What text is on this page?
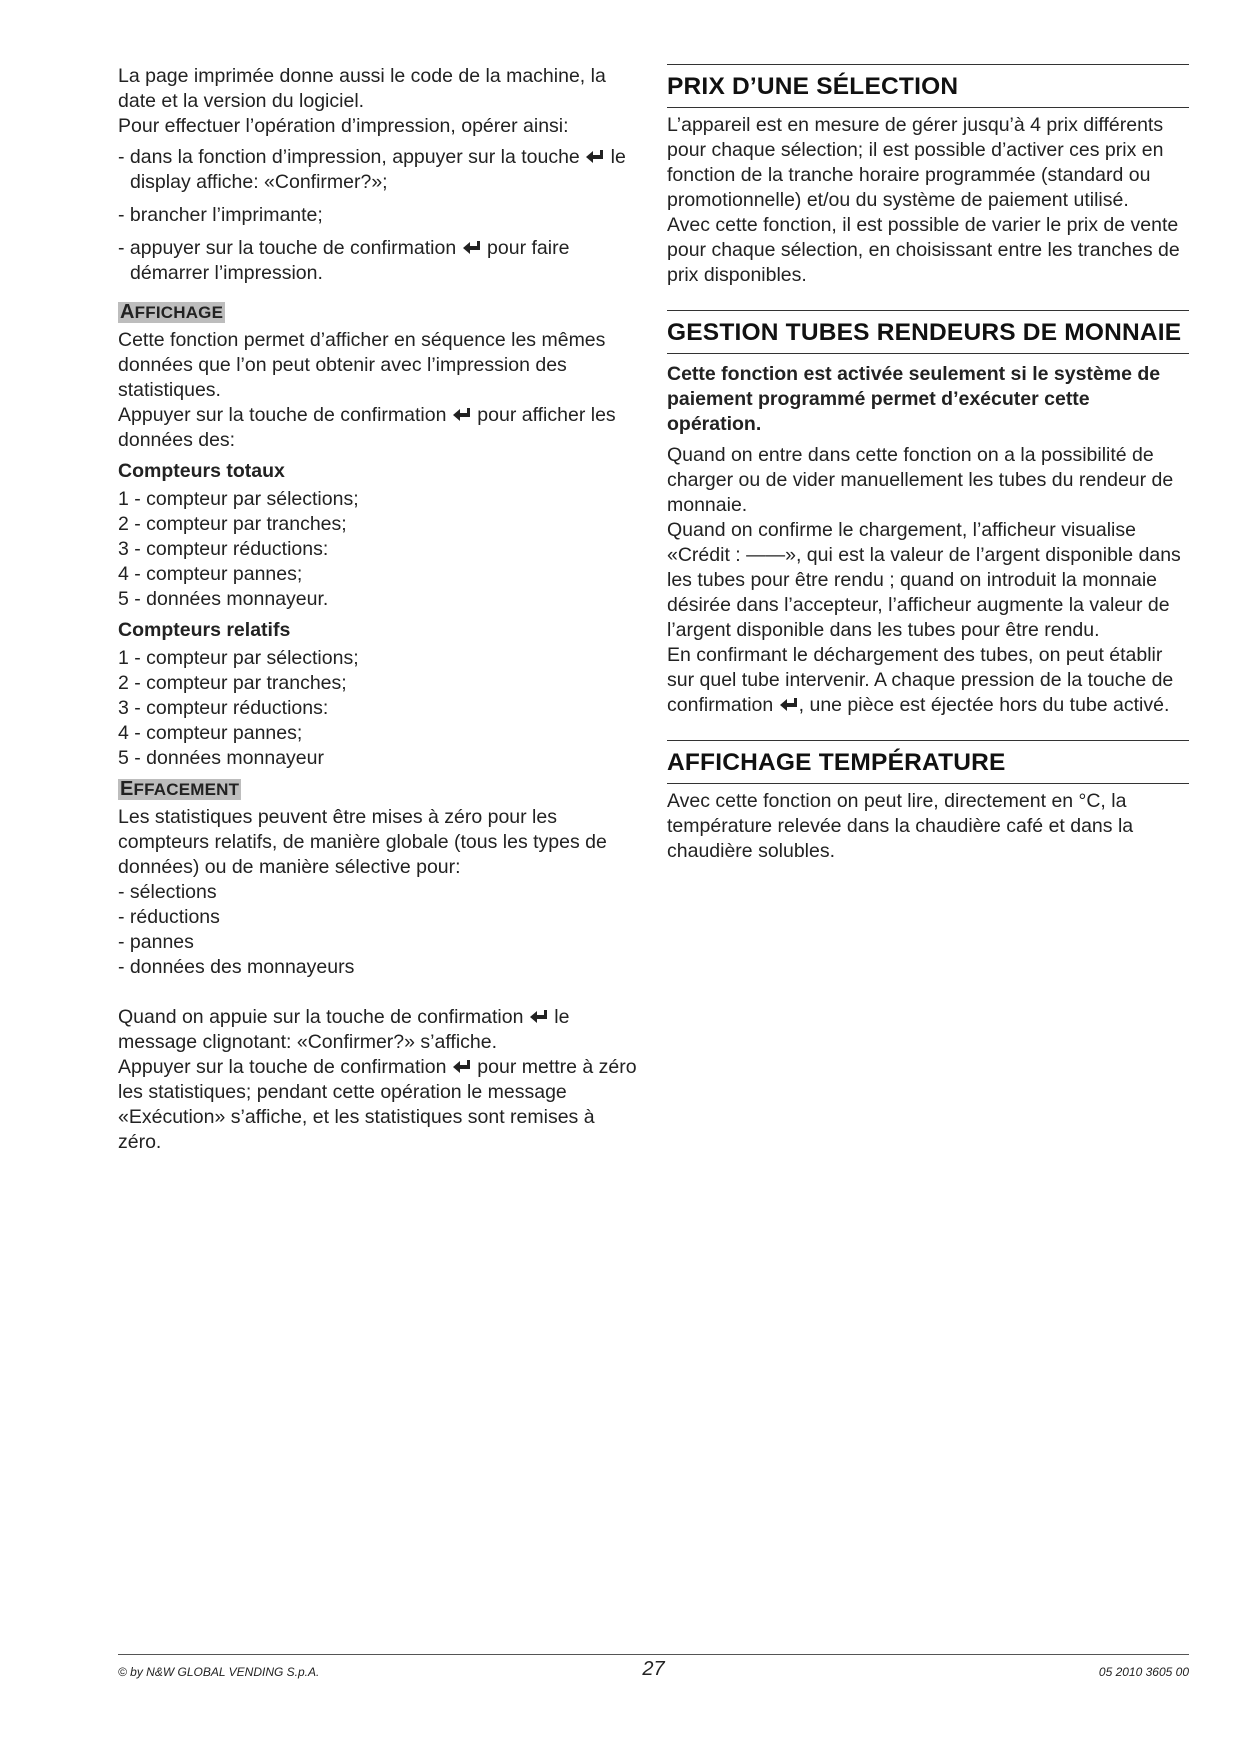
La page imprimée donne aussi le code de la machine, la date et la version du logiciel.

Pour effectuer l’opération d’impression, opérer ainsi:

- dans la fonction d’impression, appuyer sur la touche le display affiche: «Confirmer?»;

- brancher l’imprimante;

- appuyer sur la touche de confirmation pour faire démarrer l’impression.

AFFICHAGE

Cette fonction permet d’afficher en séquence les mêmes données que l’on peut obtenir avec l’impression des statistiques.

Appuyer sur la touche de confirmation pour afficher les données des:

Compteurs totaux

1 - compteur par sélections;

2 - compteur par tranches;

3 - compteur réductions:

4 - compteur pannes;

5 - données monnayeur.

Compteurs relatifs

1 - compteur par sélections;

2 - compteur par tranches;

3 - compteur réductions:

4 - compteur pannes;

5 - données monnayeur

EFFACEMENT

Les statistiques peuvent être mises à zéro pour les compteurs relatifs, de manière globale (tous les types de données) ou de manière sélective pour:

- sélections

- réductions

- pannes

- données des monnayeurs

Quand on appuie sur la touche de confirmation le message clignotant: «Confirmer?» s’affiche.

Appuyer sur la touche de confirmation pour mettre à zéro les statistiques; pendant cette opération le message «Exécution» s’affiche, et les statistiques sont remises à zéro.

PRIX D’UNE SÉLECTION

L’appareil est en mesure de gérer jusqu’à 4 prix différents pour chaque sélection; il est possible d’activer ces prix en fonction de la tranche horaire programmée (standard ou promotionnelle) et/ou du système de paiement utilisé.

Avec cette fonction, il est possible de varier le prix de vente pour chaque sélection, en choisissant entre les tranches de prix disponibles.

GESTION TUBES RENDEURS DE MONNAIE

Cette fonction est activée seulement si le système de paiement programmé permet d’exécuter cette opération.

Quand on entre dans cette fonction on a la possibilité de charger ou de vider manuellement les tubes du rendeur de monnaie.

Quand on confirme le chargement, l’afficheur visualise «Crédit : ——», qui est la valeur de l’argent disponible dans les tubes pour être rendu ; quand on introduit la monnaie désirée dans l’accepteur, l’afficheur augmente la valeur de l’argent disponible dans les tubes pour être rendu.

En confirmant le déchargement des tubes, on peut établir sur quel tube intervenir. A chaque pression de la touche de confirmation , une pièce est éjectée hors du tube activé.

AFFICHAGE TEMPÉRATURE

Avec cette fonction on peut lire, directement en °C, la température relevée dans la chaudière café et dans la chaudière solubles.

© by N&W GLOBAL VENDING S.p.A.	27	05 2010 3605 00
